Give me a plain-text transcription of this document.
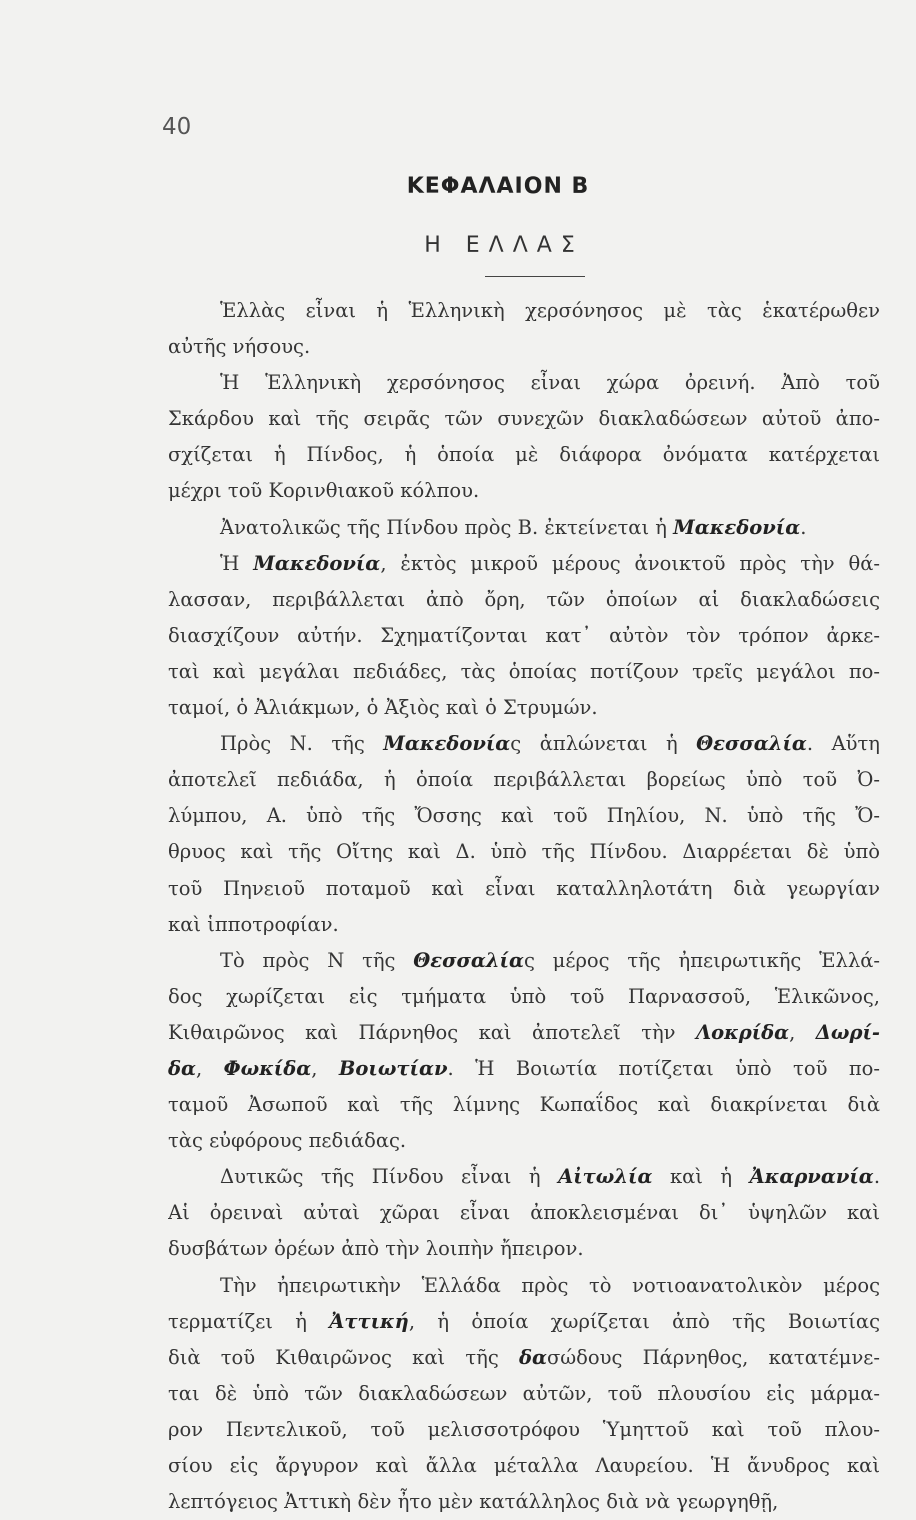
40
ΚΕΦΑΛΑΙΟΝ Β
Η ΕΛΛΑΣ
Ἑλλὰς εἶναι ἡ Ἑλληνικὴ χερσόνησος μὲ τὰς ἑκατέρωθεν
αὐτῆς νήσους.
Ἡ Ἑλληνικὴ χερσόνησος εἶναι χώρα ὀρεινή. Ἀπὸ τοῦ
Σκάρδου καὶ τῆς σειρᾶς τῶν συνεχῶν διακλαδώσεων αὐτοῦ ἀπο-
σχίζεται ἡ Πίνδος, ἡ ὁποία μὲ διάφορα ὀνόματα κατέρχεται
μέχρι τοῦ Κορινθιακοῦ κόλπου.
Ἀνατολικῶς τῆς Πίνδου πρὸς Β. ἐκτείνεται ἡ Μακεδονία.
Ἡ Μακεδονία, ἐκτὸς μικροῦ μέρους ἀνοικτοῦ πρὸς τὴν θά-
λασσαν, περιβάλλεται ἀπὸ ὄρη, τῶν ὁποίων αἱ διακλαδώσεις
διασχίζουν αὐτήν. Σχηματίζονται κατ᾽ αὐτὸν τὸν τρόπον ἀρκε-
ταὶ καὶ μεγάλαι πεδιάδες, τὰς ὁποίας ποτίζουν τρεῖς μεγάλοι πο-
ταμοί, ὁ Ἀλιάκμων, ὁ Ἀξιὸς καὶ ὁ Στρυμών.
Πρὸς Ν. τῆς Μακεδονίας ἁπλώνεται ἡ Θεσσαλία. Αὕτη
ἀποτελεῖ πεδιάδα, ἡ ὁποία περιβάλλεται βορείως ὑπὸ τοῦ Ὀ-
λύμπου, Α. ὑπὸ τῆς Ὄσσης καὶ τοῦ Πηλίου, Ν. ὑπὸ τῆς Ὄ-
θρυος καὶ τῆς Οἴτης καὶ Δ. ὑπὸ τῆς Πίνδου. Διαρρέεται δὲ ὑπὸ
τοῦ Πηνειοῦ ποταμοῦ καὶ εἶναι καταλληλοτάτη διὰ γεωργίαν
καὶ ἱπποτροφίαν.
Τὸ πρὸς Ν τῆς Θεσσαλίας μέρος τῆς ἠπειρωτικῆς Ἑλλά-
δος χωρίζεται εἰς τμήματα ὑπὸ τοῦ Παρνασσοῦ, Ἑλικῶνος,
Κιθαιρῶνος καὶ Πάρνηθος καὶ ἀποτελεῖ τὴν Λοκρίδα, Δωρί-
δα, Φωκίδα, Βοιωτίαν. Ἡ Βοιωτία ποτίζεται ὑπὸ τοῦ πο-
ταμοῦ Ἀσωποῦ καὶ τῆς λίμνης Κωπαΐδος καὶ διακρίνεται διὰ
τὰς εὐφόρους πεδιάδας.
Δυτικῶς τῆς Πίνδου εἶναι ἡ Αἰτωλία καὶ ἡ Ἀκαρνανία.
Αἱ ὀρειναὶ αὐταὶ χῶραι εἶναι ἀποκλεισμέναι δι᾽ ὑψηλῶν καὶ
δυσβάτων ὀρέων ἀπὸ τὴν λοιπὴν ἤπειρον.
Τὴν ἠπειρωτικὴν Ἑλλάδα πρὸς τὸ νοτιοανατολικὸν μέρος
τερματίζει ἡ Ἀττική, ἡ ὁποία χωρίζεται ἀπὸ τῆς Βοιωτίας
διὰ τοῦ Κιθαιρῶνος καὶ τῆς δασώδους Πάρνηθος, κατατέμνε-
ται δὲ ὑπὸ τῶν διακλαδώσεων αὐτῶν, τοῦ πλουσίου εἰς μάρμα-
ρον Πεντελικοῦ, τοῦ μελισσοτρόφου Ὑμηττοῦ καὶ τοῦ πλου-
σίου εἰς ἄργυρον καὶ ἄλλα μέταλλα Λαυρείου. Ἡ ἄνυδρος καὶ
λεπτόγειος Ἀττικὴ δὲν ἦτο μὲν κατάλληλος διὰ νὰ γεωργηθῇ,
